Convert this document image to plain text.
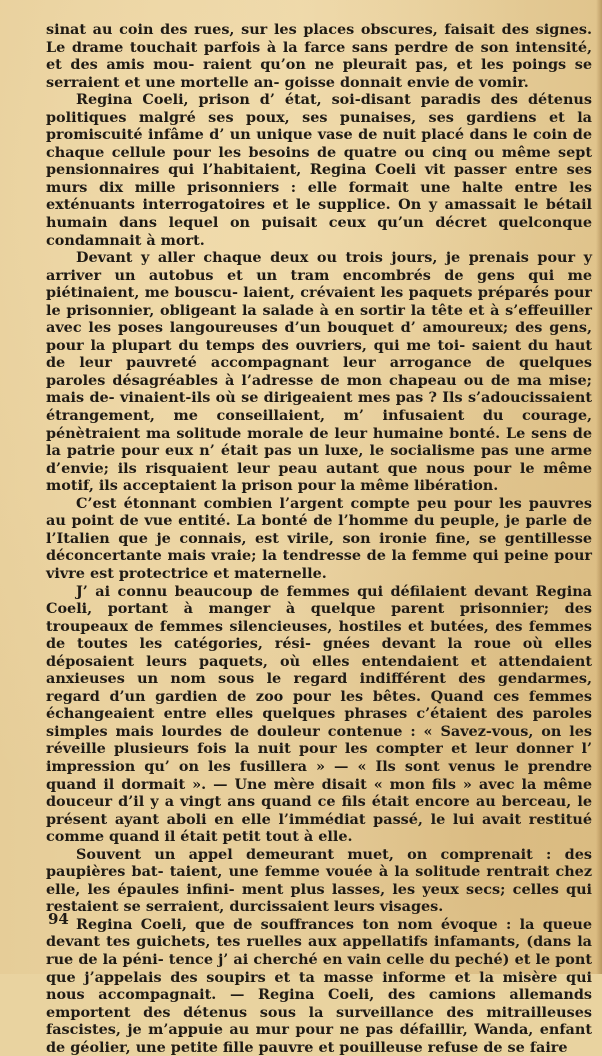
sinat au coin des rues, sur les places obscures, faisait des signes. Le drame touchait parfois à la farce sans perdre de son intensité, et des amis mou- raient qu’on ne pleurait pas, et les poings se serraient et une mortelle an- goisse donnait envie de vomir.

Regina Coeli, prison d’ état, soi-disant paradis des détenus politiques malgré ses poux, ses punaises, ses gardiens et la promiscuité infâme d’ un unique vase de nuit placé dans le coin de chaque cellule pour les besoins de quatre ou cinq ou même sept pensionnaires qui l’habitaient, Regina Coeli vit passer entre ses murs dix mille prisonniers : elle formait une halte entre les exténuants interrogatoires et le supplice. On y amassait le bétail humain dans lequel on puisait ceux qu’un décret quelconque condamnait à mort.

Devant y aller chaque deux ou trois jours, je prenais pour y arriver un autobus et un tram encombrés de gens qui me piétinaient, me bouscu- laient, crévaient les paquets préparés pour le prisonnier, obligeant la salade à en sortir la tête et à s’effeuiller avec les poses langoureuses d’un bouquet d’ amoureux; des gens, pour la plupart du temps des ouvriers, qui me toi- saient du haut de leur pauvreté accompagnant leur arrogance de quelques paroles désagréables à l’adresse de mon chapeau ou de ma mise; mais de- vinaient-ils où se dirigeaient mes pas ? Ils s’adoucissaient étrangement, me conseillaient, m’ infusaient du courage, pénètraient ma solitude morale de leur humaine bonté. Le sens de la patrie pour eux n’ était pas un luxe, le socialisme pas une arme d’envie; ils risquaient leur peau autant que nous pour le même motif, ils acceptaient la prison pour la même libération.

C’est étonnant combien l’argent compte peu pour les pauvres au point de vue entité. La bonté de l’homme du peuple, je parle de l’Italien que je connais, est virile, son ironie fine, se gentillesse déconcertante mais vraie; la tendresse de la femme qui peine pour vivre est protectrice et maternelle.

J’ ai connu beaucoup de femmes qui défilaient devant Regina Coeli, portant à manger à quelque parent prisonnier; des troupeaux de femmes silencieuses, hostiles et butées, des femmes de toutes les catégories, rési- gnées devant la roue où elles déposaient leurs paquets, où elles entendaient et attendaient anxieuses un nom sous le regard indifférent des gendarmes, regard d’un gardien de zoo pour les bêtes. Quand ces femmes échangeaient entre elles quelques phrases c’étaient des paroles simples mais lourdes de douleur contenue : « Savez-vous, on les réveille plusieurs fois la nuit pour les compter et leur donner l’ impression qu’ on les fusillera » — « Ils sont venus le prendre quand il dormait ». — Une mère disait « mon fils » avec la même douceur d’il y a vingt ans quand ce fils était encore au berceau, le présent ayant aboli en elle l’immédiat passé, le lui avait restitué comme quand il était petit tout à elle.

Souvent un appel demeurant muet, on comprenait : des paupières bat- taient, une femme vouée à la solitude rentrait chez elle, les épaules infini- ment plus lasses, les yeux secs; celles qui restaient se serraient, durcissaient leurs visages.

Regina Coeli, que de souffrances ton nom évoque : la queue devant tes guichets, tes ruelles aux appellatifs infamants, (dans la rue de la péni- tence j’ ai cherché en vain celle du peché) et le pont que j’appelais des soupirs et ta masse informe et la misère qui nous accompagnait. — Regina Coeli, des camions allemands emportent des détenus sous la surveillance des mitrailleuses fascistes, je m’appuie au mur pour ne pas défaillir, Wanda, enfant de géolier, une petite fille pauvre et pouilleuse refuse de se faire

94
